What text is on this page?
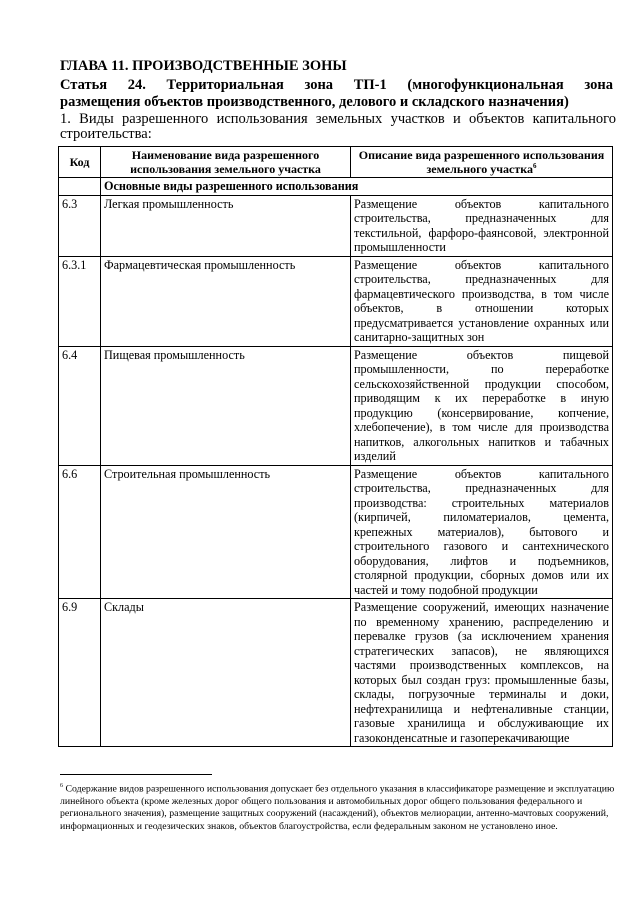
ГЛАВА 11. ПРОИЗВОДСТВЕННЫЕ ЗОНЫ
Статья 24. Территориальная зона ТП-1 (многофункциональная зона
размещения объектов производственного, делового и складского назначения)
1. Виды разрешенного использования земельных участков и объектов капитального
строительства:
Код	Наименование вида разрешенного использования земельного участка	Описание вида разрешенного использования земельного участка$^6$
	Основные виды разрешенного использования	
6.3	Легкая промышленность	Размещение объектов капитального строительства, предназначенных для текстильной, фарфоро-фаянсовой, электронной промышленности
6.3.1	Фармацевтическая промышленность	Размещение объектов капитального строительства, предназначенных для фармацевтического производства, в том числе объектов, в отношении которых предусматривается установление охранных или санитарно-защитных зон
6.4	Пищевая промышленность	Размещение объектов пищевой промышленности, по переработке сельскохозяйственной продукции способом, приводящим к их переработке в иную продукцию (консервирование, копчение, хлебопечение), в том числе для производства напитков, алкогольных напитков и табачных изделий
6.6	Строительная промышленность	Размещение объектов капитального строительства, предназначенных для производства: строительных материалов (кирпичей, пиломатериалов, цемента, крепежных материалов), бытового и строительного газового и сантехнического оборудования, лифтов и подъемников, столярной продукции, сборных домов или их частей и тому подобной продукции
6.9	Склады	Размещение сооружений, имеющих назначение по временному хранению, распределению и перевалке грузов (за исключением хранения стратегических запасов), не являющихся частями производственных комплексов, на которых был создан груз: промышленные базы, склады, погрузочные терминалы и доки, нефтехранилища и нефтеналивные станции, газовые хранилища и обслуживающие их газоконденсатные и газоперекачивающие
$^6$ Содержание видов разрешенного использования допускает без отдельного указания в классификаторе размещение и эксплуатацию линейного объекта (кроме железных дорог общего пользования и автомобильных дорог общего пользования федерального и регионального значения), размещение защитных сооружений (насаждений), объектов мелиорации, антенно-мачтовых сооружений, информационных и геодезических знаков, объектов благоустройства, если федеральным законом не установлено иное.
